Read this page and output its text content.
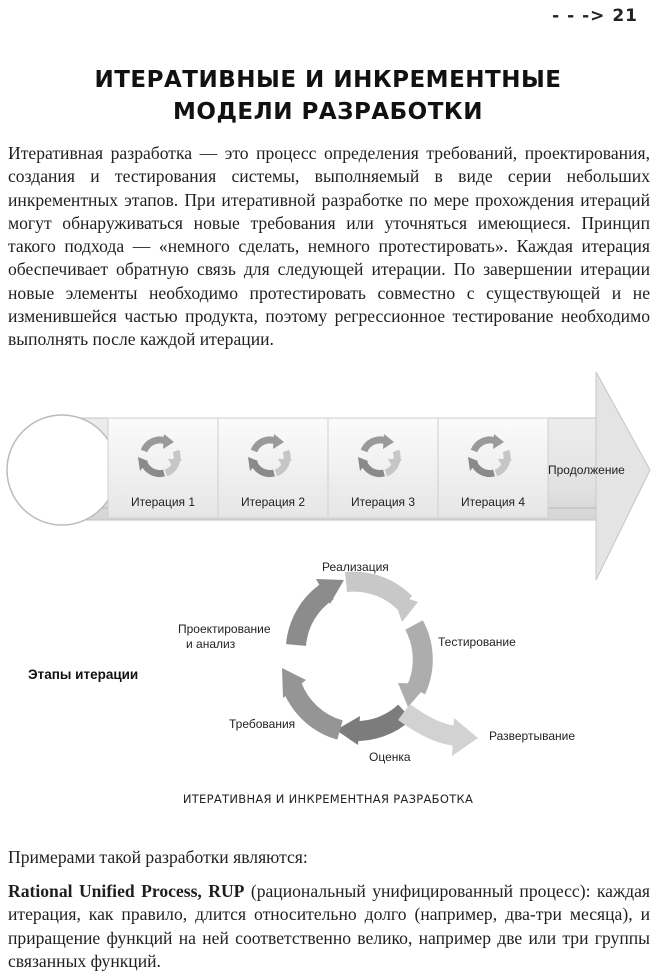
- - -> 21
ИТЕРАТИВНЫЕ И ИНКРЕМЕНТНЫЕ
МОДЕЛИ РАЗРАБОТКИ

Итеративная разработка — это процесс определения требований, проектирования, создания и тестирования системы, выполняемый в виде серии небольших инкрементных этапов. При итеративной разработке по мере прохождения итераций могут обнаруживаться новые требования или уточняться имеющиеся. Принцип такого подхода — «немного сделать, немного протестировать». Каждая итерация обеспечивает обратную связь для следующей итерации. По завершении итерации новые элементы необходимо протестировать совместно с существующей и не изменившейся частью продукта, поэтому регрессионное тестирование необходимо выполнять после каждой итерации.

Итерация 1	Итерация 2	Итерация 3	Итерация 4
Продолжение
Этапы итерации
Реализация
Тестирование
Развертывание
Оценка
Требования
Проектирование
и анализ
ИТЕРАТИВНАЯ И ИНКРЕМЕНТНАЯ РАЗРАБОТКА

Примерами такой разработки являются:

Rational Unified Process, RUP (рациональный унифицированный процесс): каждая итерация, как правило, длится относительно долго (например, два-три месяца), и приращение функций на ней соответственно велико, например две или три группы связанных функций.
